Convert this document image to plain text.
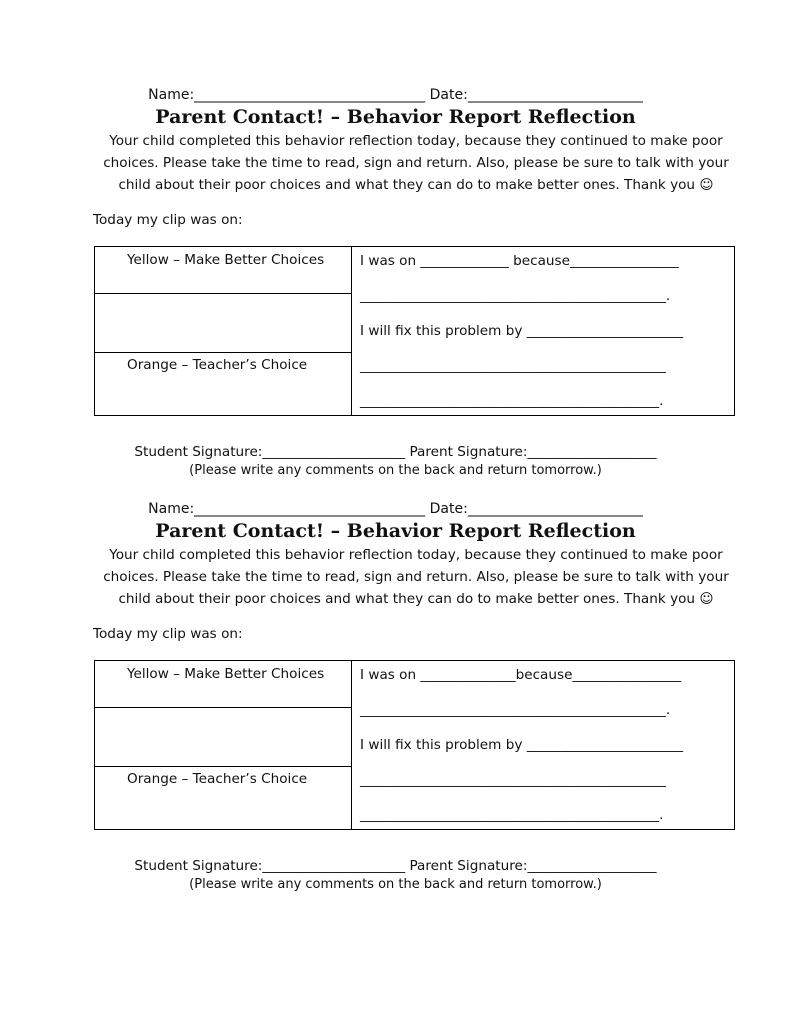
Name:_________________________________ Date:_________________________
Parent Contact! – Behavior Report Reflection
Your child completed this behavior reflection today, because they continued to make poor choices. Please take the time to read, sign and return. Also, please be sure to talk with your child about their poor choices and what they can do to make better ones. Thank you ☺
Today my clip was on:
Yellow – Make Better Choices
Orange – Teacher’s Choice
I was on _____________ because________________
_____________________________________________.
I will fix this problem by _______________________
_____________________________________________
____________________________________________.
Student Signature:_____________________ Parent Signature:___________________
(Please write any comments on the back and return tomorrow.)
Name:_________________________________ Date:_________________________
Parent Contact! – Behavior Report Reflection
Your child completed this behavior reflection today, because they continued to make poor choices. Please take the time to read, sign and return. Also, please be sure to talk with your child about their poor choices and what they can do to make better ones. Thank you ☺
Today my clip was on:
Yellow – Make Better Choices
Orange – Teacher’s Choice
I was on ______________because________________
_____________________________________________.
I will fix this problem by _______________________
_____________________________________________
____________________________________________.
Student Signature:_____________________ Parent Signature:___________________
(Please write any comments on the back and return tomorrow.)
